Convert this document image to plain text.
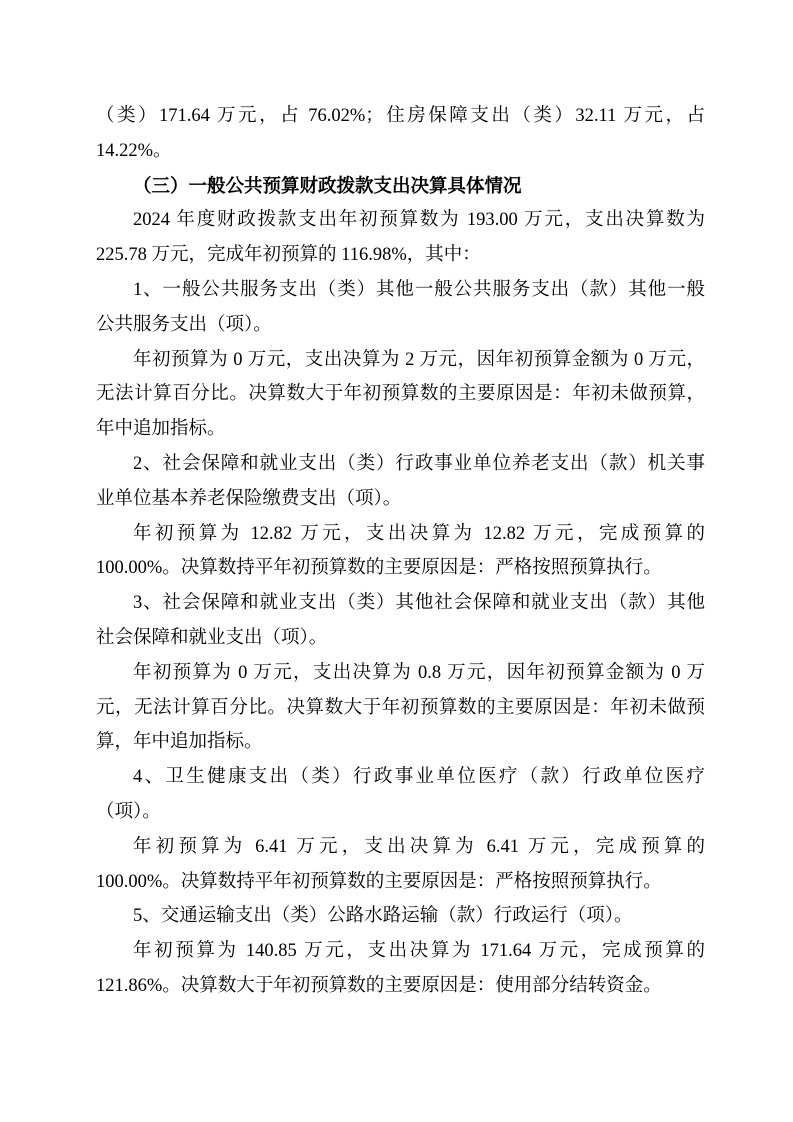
（类）171.64 万元，占 76.02%；住房保障支出（类）32.11 万元，占
14.22%。
（三）一般公共预算财政拨款支出决算具体情况
2024 年度财政拨款支出年初预算数为 193.00 万元，支出决算数为
225.78 万元，完成年初预算的 116.98%，其中：
1、一般公共服务支出（类）其他一般公共服务支出（款）其他一般
公共服务支出（项）。
年初预算为 0 万元，支出决算为 2 万元，因年初预算金额为 0 万元，
无法计算百分比。决算数大于年初预算数的主要原因是：年初未做预算，
年中追加指标。
2、社会保障和就业支出（类）行政事业单位养老支出（款）机关事
业单位基本养老保险缴费支出（项）。
年初预算为 12.82 万元，支出决算为 12.82 万元，完成预算的
100.00%。决算数持平年初预算数的主要原因是：严格按照预算执行。
3、社会保障和就业支出（类）其他社会保障和就业支出（款）其他
社会保障和就业支出（项）。
年初预算为 0 万元，支出决算为 0.8 万元，因年初预算金额为 0 万
元，无法计算百分比。决算数大于年初预算数的主要原因是：年初未做预
算，年中追加指标。
4、卫生健康支出（类）行政事业单位医疗（款）行政单位医疗
（项）。
年初预算为 6.41 万元，支出决算为 6.41 万元，完成预算的
100.00%。决算数持平年初预算数的主要原因是：严格按照预算执行。
5、交通运输支出（类）公路水路运输（款）行政运行（项）。
年初预算为 140.85 万元，支出决算为 171.64 万元，完成预算的
121.86%。决算数大于年初预算数的主要原因是：使用部分结转资金。
